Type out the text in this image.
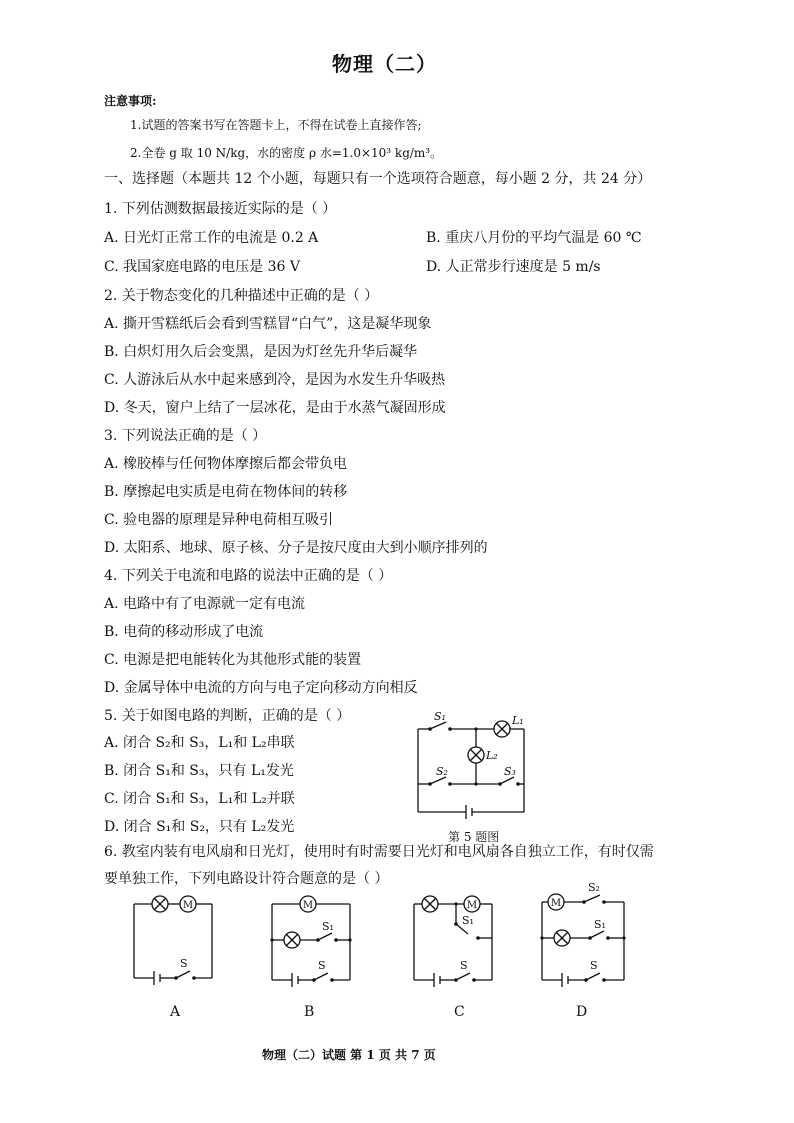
物理（二）
注意事项:
1.试题的答案书写在答题卡上，不得在试卷上直接作答;
2.全卷 g 取 10 N/kg，水的密度 ρ 水=1.0×10³ kg/m³。
一、选择题（本题共 12 个小题，每题只有一个选项符合题意，每小题 2 分，共 24 分）
1. 下列估测数据最接近实际的是（ ）
A. 日光灯正常工作的电流是 0.2 A	B. 重庆八月份的平均气温是 60 ℃
C. 我国家庭电路的电压是 36 V	D. 人正常步行速度是 5 m/s
2. 关于物态变化的几种描述中正确的是（ ）
A. 撕开雪糕纸后会看到雪糕冒“白气”，这是凝华现象
B. 白炽灯用久后会变黑，是因为灯丝先升华后凝华
C. 人游泳后从水中起来感到冷，是因为水发生升华吸热
D. 冬天，窗户上结了一层冰花，是由于水蒸气凝固形成
3. 下列说法正确的是（ ）
A. 橡胶棒与任何物体摩擦后都会带负电
B. 摩擦起电实质是电荷在物体间的转移
C. 验电器的原理是异种电荷相互吸引
D. 太阳系、地球、原子核、分子是按尺度由大到小顺序排列的
4. 下列关于电流和电路的说法中正确的是（ ）
A. 电路中有了电源就一定有电流
B. 电荷的移动形成了电流
C. 电源是把电能转化为其他形式能的装置
D. 金属导体中电流的方向与电子定向移动方向相反
5. 关于如图电路的判断，正确的是（ ）
A. 闭合 S₂和 S₃，L₁和 L₂串联
B. 闭合 S₁和 S₃，只有 L₁发光
C. 闭合 S₁和 S₃，L₁和 L₂并联
D. 闭合 S₁和 S₂，只有 L₂发光
S₁	L₁
L₂
S₂	S₃
第 5 题图
6. 教室内装有电风扇和日光灯，使用时有时需要日光灯和电风扇各自独立工作，有时仅需
要单独工作，下列电路设计符合题意的是（ ）
M
S
A
M
S₁
S
B
M
S₁
S
C
M
S₂
S₁
S
D
物理（二）试题 第 1 页 共 7 页
